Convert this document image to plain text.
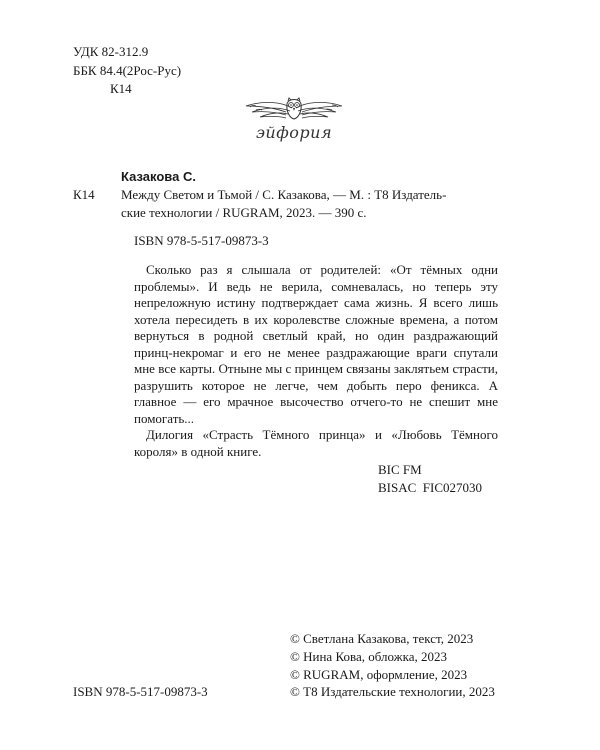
УДК 82-312.9
ББК 84.4(2Рос-Рус)
К14
эйфория
К14
Казакова С.
Между Светом и Тьмой / С. Казакова, — М. : Т8 Издатель-
ские технологии / RUGRAM, 2023. — 390 с.
ISBN 978-5-517-09873-3

Сколько раз я слышала от родителей: «От тёмных одни проблемы». И ведь не верила, сомневалась, но теперь эту непреложную истину подтверждает сама жизнь. Я всего лишь хотела пересидеть в их королевстве сложные времена, а потом вернуться в родной светлый край, но один раздражающий принц-некромаг и его не менее раздражающие враги спутали мне все карты. Отныне мы с принцем связаны заклятьем страсти, разрушить которое не легче, чем добыть перо феникса. А главное — его мрачное высочество отчего-то не спешит мне помогать...

Дилогия «Страсть Тёмного принца» и «Любовь Тёмного короля» в одной книге.

BIC FM
BISAC  FIC027030
ISBN 978-5-517-09873-3
© Светлана Казакова, текст, 2023
© Нина Кова, обложка, 2023
© RUGRAM, оформление, 2023
© Т8 Издательские технологии, 2023
